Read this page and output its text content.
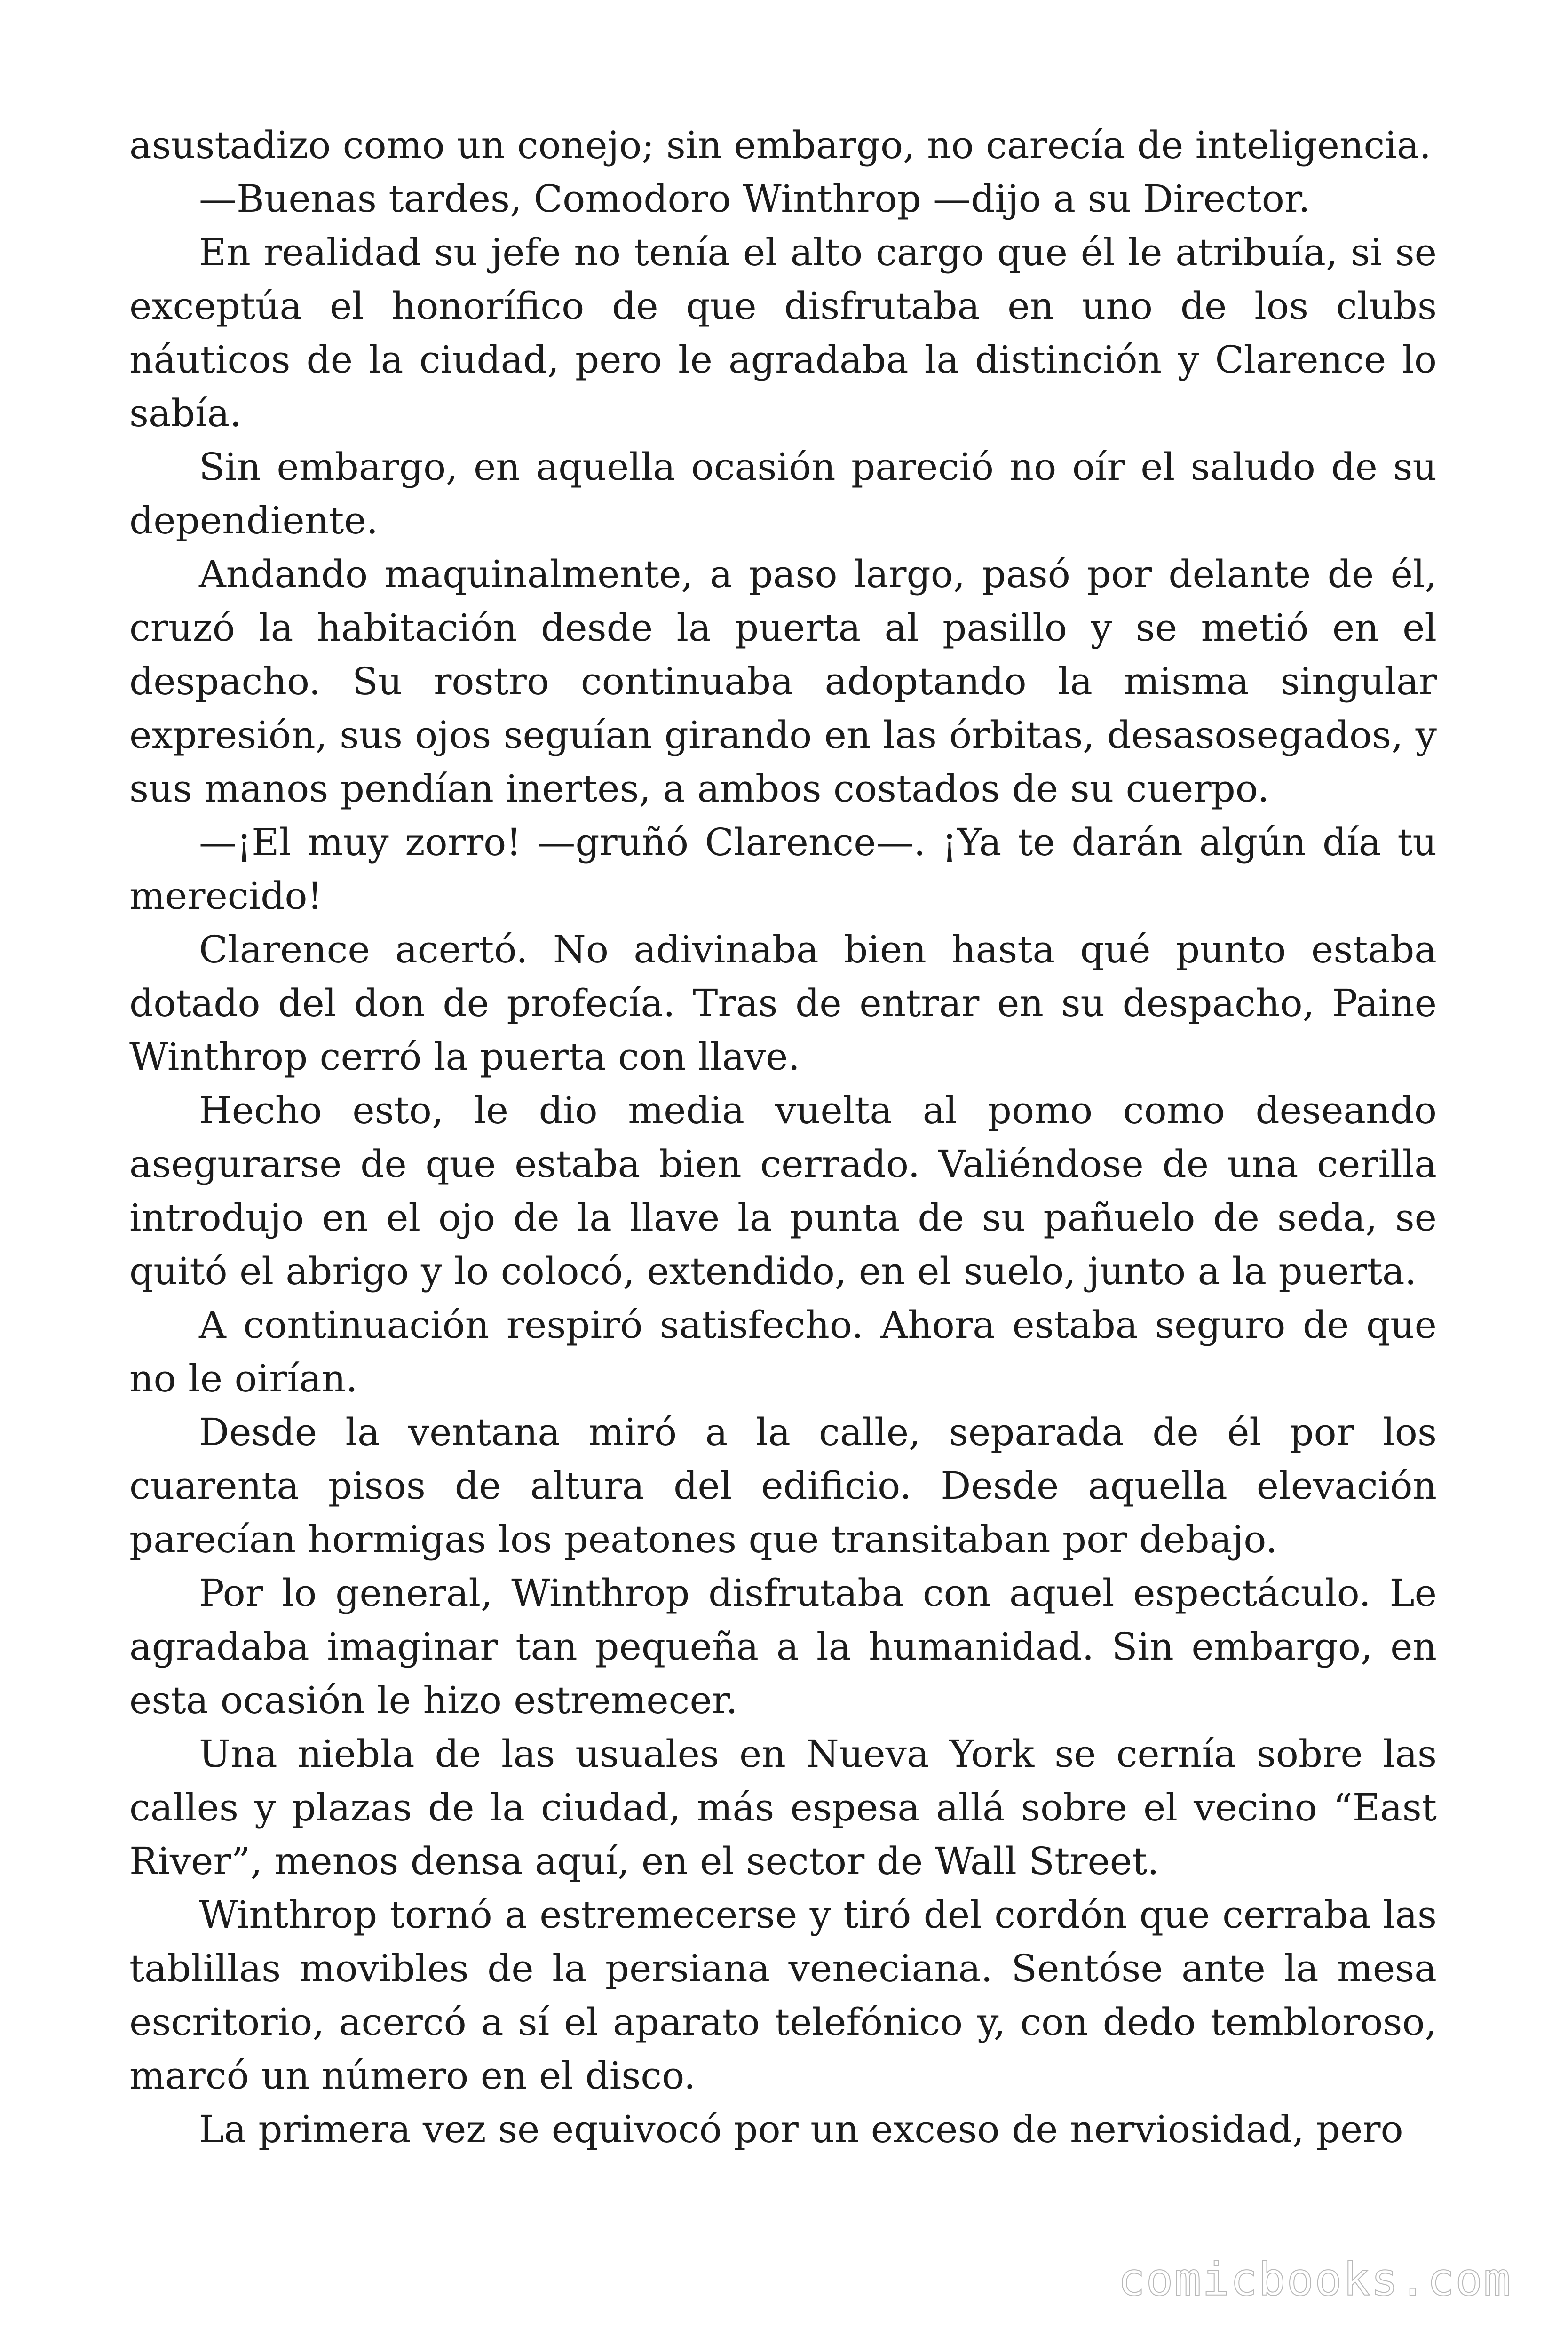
asustadizo como un conejo; sin embargo, no carecía de inteligencia.

—Buenas tardes, Comodoro Winthrop —dijo a su Director.

En realidad su jefe no tenía el alto cargo que él le atribuía, si se exceptúa el honorífico de que disfrutaba en uno de los clubs náuticos de la ciudad, pero le agradaba la distinción y Clarence lo sabía.

Sin embargo, en aquella ocasión pareció no oír el saludo de su dependiente.

Andando maquinalmente, a paso largo, pasó por delante de él, cruzó la habitación desde la puerta al pasillo y se metió en el despacho. Su rostro continuaba adoptando la misma singular expresión, sus ojos seguían girando en las órbitas, desasosegados, y sus manos pendían inertes, a ambos costados de su cuerpo.

—¡El muy zorro! —gruñó Clarence—. ¡Ya te darán algún día tu merecido!

Clarence acertó. No adivinaba bien hasta qué punto estaba dotado del don de profecía. Tras de entrar en su despacho, Paine Winthrop cerró la puerta con llave.

Hecho esto, le dio media vuelta al pomo como deseando asegurarse de que estaba bien cerrado. Valiéndose de una cerilla introdujo en el ojo de la llave la punta de su pañuelo de seda, se quitó el abrigo y lo colocó, extendido, en el suelo, junto a la puerta.

A continuación respiró satisfecho. Ahora estaba seguro de que no le oirían.

Desde la ventana miró a la calle, separada de él por los cuarenta pisos de altura del edificio. Desde aquella elevación parecían hormigas los peatones que transitaban por debajo.

Por lo general, Winthrop disfrutaba con aquel espectáculo. Le agradaba imaginar tan pequeña a la humanidad. Sin embargo, en esta ocasión le hizo estremecer.

Una niebla de las usuales en Nueva York se cernía sobre las calles y plazas de la ciudad, más espesa allá sobre el vecino “East River”, menos densa aquí, en el sector de Wall Street.

Winthrop tornó a estremecerse y tiró del cordón que cerraba las tablillas movibles de la persiana veneciana. Sentóse ante la mesa escritorio, acercó a sí el aparato telefónico y, con dedo tembloroso, marcó un número en el disco.

La primera vez se equivocó por un exceso de nerviosidad, pero

comicbooks.com
